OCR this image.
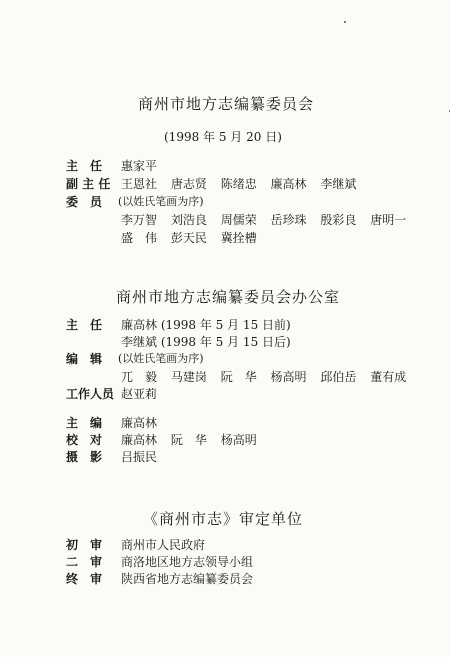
商州市地方志编纂委员会
(1998 年 5 月 20 日)
主　任 惠家平
副 主 任 王恩社 唐志贤 陈绪忠 廉高林 李继斌
委　员 (以姓氏笔画为序)
李万智 刘浩良 周儒荣 岳珍珠 殷彩良 唐明一
盛　伟 彭天民 冀拴槽
商州市地方志编纂委员会办公室
主　任 廉高林 (1998 年 5 月 15 日前)
李继斌 (1998 年 5 月 15 日后)
编　辑 (以姓氏笔画为序)
兀　毅 马建岗 阮　华 杨高明 邱伯岳 董有成
工作人员 赵亚莉
主　编 廉高林
校　对 廉高林 阮　华 杨高明
摄　影 吕振民
《商州市志》审定单位
初　审 商州市人民政府
二　审 商洛地区地方志领导小组
终　审 陕西省地方志编纂委员会
